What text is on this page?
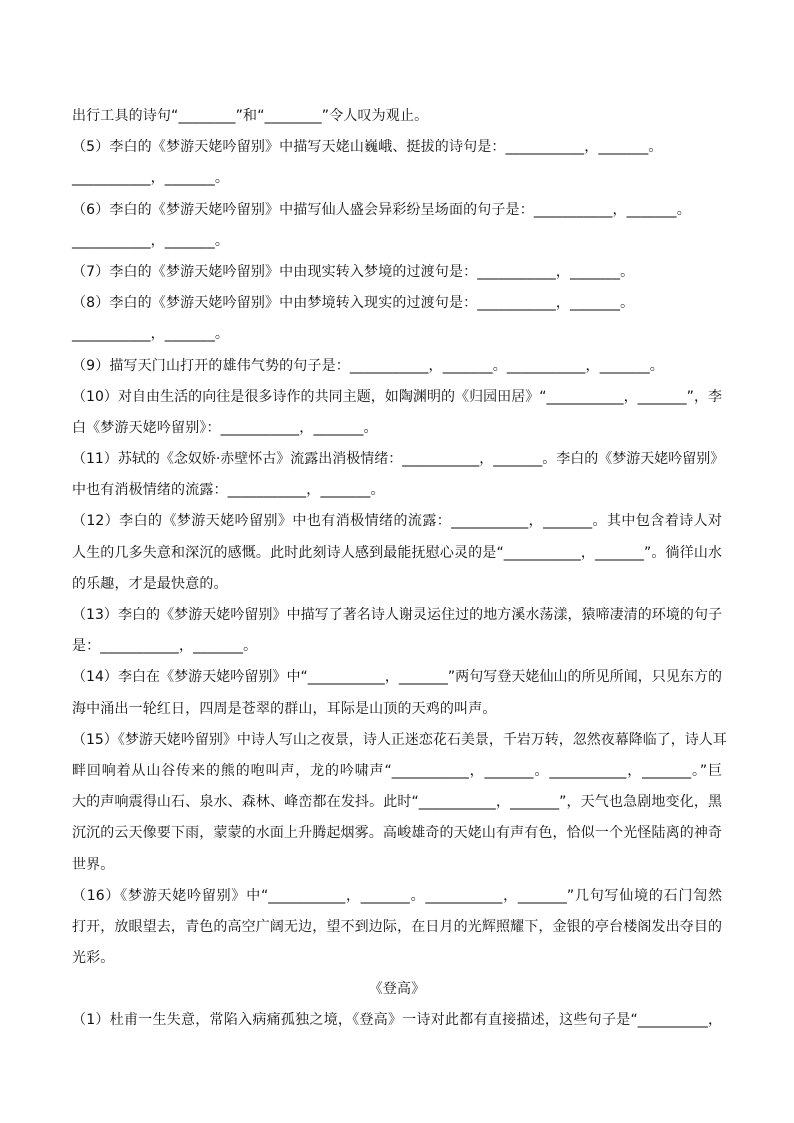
出行工具的诗句“________”和“________”令人叹为观止。
（5）李白的《梦游天姥吟留别》中描写天姥山巍峨、挺拔的诗句是：___________，_______。
___________，_______。
（6）李白的《梦游天姥吟留别》中描写仙人盛会异彩纷呈场面的句子是：___________，_______。
___________，_______。
（7）李白的《梦游天姥吟留别》中由现实转入梦境的过渡句是：___________，_______。
（8）李白的《梦游天姥吟留别》中由梦境转入现实的过渡句是：___________，_______。
___________，_______。
（9）描写天门山打开的雄伟气势的句子是：___________，_______。___________，_______。
（10）对自由生活的向往是很多诗作的共同主题，如陶渊明的《归园田居》“___________，_______”，李
白《梦游天姥吟留别》：___________，_______。
（11）苏轼的《念奴娇·赤壁怀古》流露出消极情绪：___________，_______。李白的《梦游天姥吟留别》
中也有消极情绪的流露：___________，_______。
（12）李白的《梦游天姥吟留别》中也有消极情绪的流露：___________，_______。其中包含着诗人对
人生的几多失意和深沉的感慨。此时此刻诗人感到最能抚慰心灵的是“___________，_______”。徜徉山水
的乐趣，才是最快意的。
（13）李白的《梦游天姥吟留别》中描写了著名诗人谢灵运住过的地方溪水荡漾，猿啼凄清的环境的句子
是：___________，_______。
（14）李白在《梦游天姥吟留别》中“___________，_______”两句写登天姥仙山的所见所闻，只见东方的
海中涌出一轮红日，四周是苍翠的群山，耳际是山顶的天鸡的叫声。
（15）《梦游天姥吟留别》中诗人写山之夜景，诗人正迷恋花石美景，千岩万转，忽然夜幕降临了，诗人耳
畔回响着从山谷传来的熊的咆叫声，龙的吟啸声“___________，_______。___________，_______。”巨
大的声响震得山石、泉水、森林、峰峦都在发抖。此时“___________，_______”，天气也急剧地变化，黑
沉沉的云天像要下雨，蒙蒙的水面上升腾起烟雾。高峻雄奇的天姥山有声有色，恰似一个光怪陆离的神奇
世界。
（16）《梦游天姥吟留别》中“___________，_______。___________，_______”几句写仙境的石门訇然
打开，放眼望去，青色的高空广阔无边，望不到边际，在日月的光辉照耀下，金银的亭台楼阁发出夺目的
光彩。
《登高》
（1）杜甫一生失意，常陷入病痛孤独之境，《登高》一诗对此都有直接描述，这些句子是“__________，
